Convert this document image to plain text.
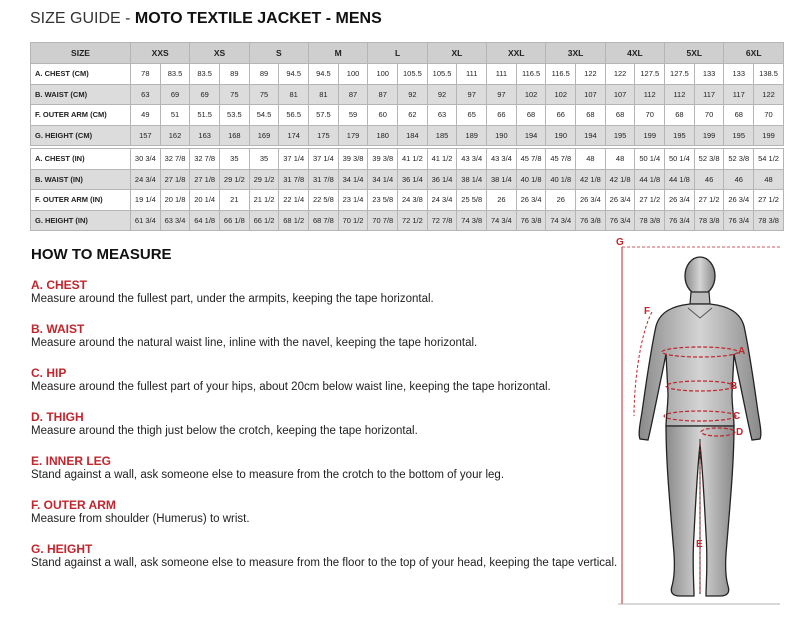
SIZE GUIDE - MOTO TEXTILE JACKET - MENS
SIZE	XXS		XS		S		M		L		XL		XXL		3XL		4XL		5XL		6XL	
A. CHEST (CM)	78	83.5	83.5	89	89	94.5	94.5	100	100	105.5	105.5	111	111	116.5	116.5	122	122	127.5	127.5	133	133	138.5
B. WAIST (CM)	63	69	69	75	75	81	81	87	87	92	92	97	97	102	102	107	107	112	112	117	117	122
F. OUTER ARM (CM)	49	51	51.5	53.5	54.5	56.5	57.5	59	60	62	63	65	66	68	66	68	68	70	68	70	68	70
G. HEIGHT (CM)	157	162	163	168	169	174	175	179	180	184	185	189	190	194	190	194	195	199	195	199	195	199
A. CHEST (IN)	30 3/4	32 7/8	32 7/8	35	35	37 1/4	37 1/4	39 3/8	39 3/8	41 1/2	41 1/2	43 3/4	43 3/4	45 7/8	45 7/8	48	48	50 1/4	50 1/4	52 3/8	52 3/8	54 1/2
B. WAIST (IN)	24 3/4	27 1/8	27 1/8	29 1/2	29 1/2	31 7/8	31 7/8	34 1/4	34 1/4	36 1/4	36 1/4	38 1/4	38 1/4	40 1/8	40 1/8	42 1/8	42 1/8	44 1/8	44 1/8	46	46	48
F. OUTER ARM (IN)	19 1/4	20 1/8	20 1/4	21	21 1/2	22 1/4	22 5/8	23 1/4	23 5/8	24 3/8	24 3/4	25 5/8	26	26 3/4	26	26 3/4	26 3/4	27 1/2	26 3/4	27 1/2	26 3/4	27 1/2
G. HEIGHT (IN)	61 3/4	63 3/4	64 1/8	66 1/8	66 1/2	68 1/2	68 7/8	70 1/2	70 7/8	72 1/2	72 7/8	74 3/8	74 3/4	76 3/8	74 3/4	76 3/8	76 3/4	78 3/8	76 3/4	78 3/8	76 3/4	78 3/8
HOW TO MEASURE
A. CHEST
Measure around the fullest part, under the armpits, keeping the tape horizontal.
B. WAIST
Measure around the natural waist line, inline with the navel, keeping the tape horizontal.
C. HIP
Measure around the fullest part of your hips, about 20cm below waist line, keeping the tape horizontal.
D. THIGH
Measure around the thigh just below the crotch, keeping the tape horizontal.
E. INNER LEG
Stand against a wall, ask someone else to measure from the crotch to the bottom of your leg.
F. OUTER ARM
Measure from shoulder (Humerus) to wrist.
G. HEIGHT
Stand against a wall, ask someone else to measure from the floor to the top of your head, keeping the tape vertical.
G
F
A
B
C
D
E
